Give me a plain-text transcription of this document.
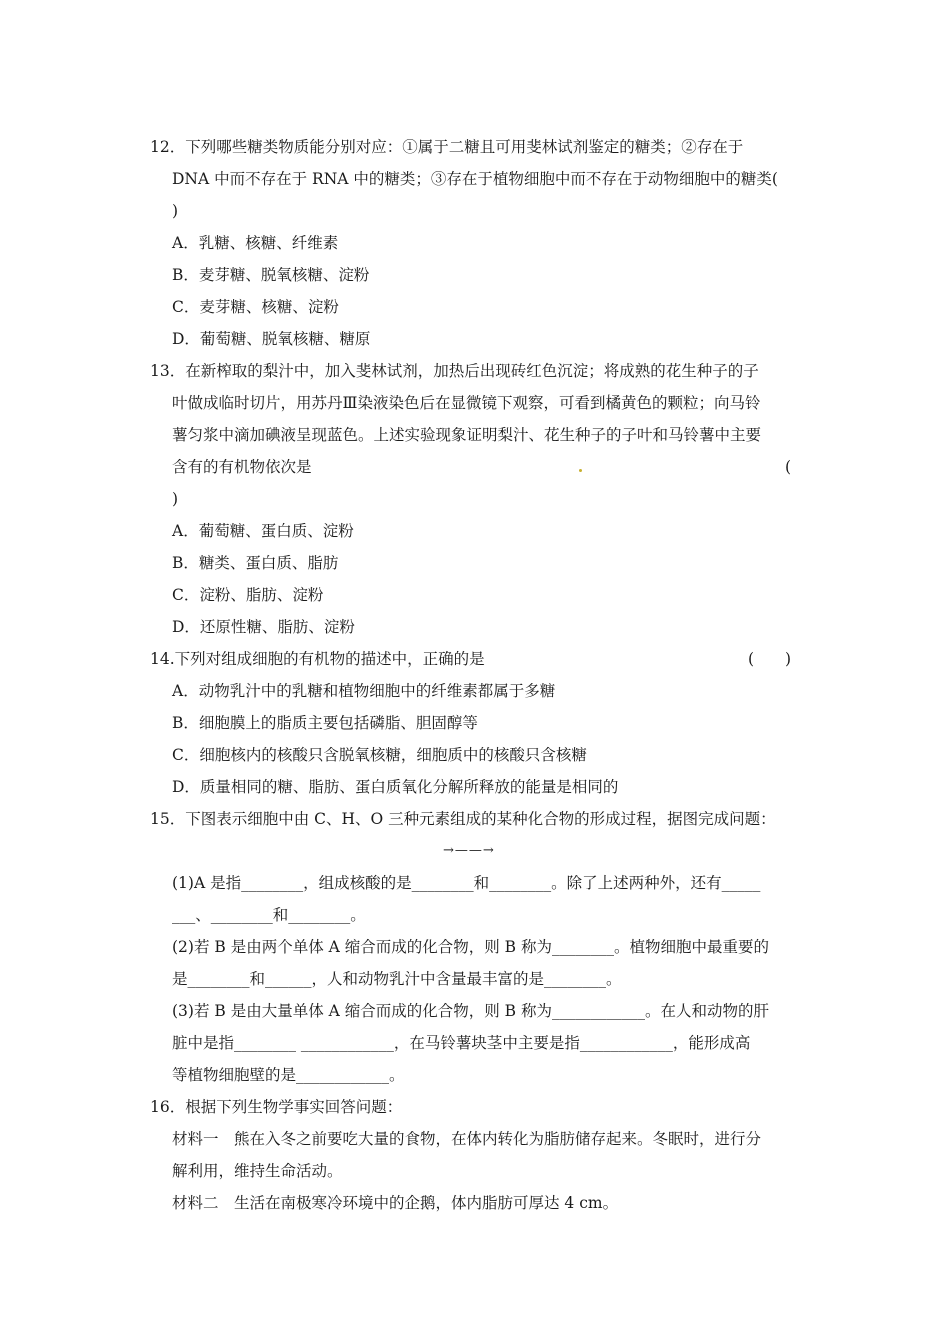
12．下列哪些糖类物质能分别对应：①属于二糖且可用斐林试剂鉴定的糖类；②存在于
DNA 中而不存在于 RNA 中的糖类；③存在于植物细胞中而不存在于动物细胞中的糖类(
)
A．乳糖、核糖、纤维素
B．麦芽糖、脱氧核糖、淀粉
C．麦芽糖、核糖、淀粉
D．葡萄糖、脱氧核糖、糖原
13．在新榨取的梨汁中，加入斐林试剂，加热后出现砖红色沉淀；将成熟的花生种子的子
叶做成临时切片，用苏丹Ⅲ染液染色后在显微镜下观察，可看到橘黄色的颗粒；向马铃
薯匀浆中滴加碘液呈现蓝色。上述实验现象证明梨汁、花生种子的子叶和马铃薯中主要
含有的有机物依次是	(
)
A．葡萄糖、蛋白质、淀粉
B．糖类、蛋白质、脂肪
C．淀粉、脂肪、淀粉
D．还原性糖、脂肪、淀粉
14.下列对组成细胞的有机物的描述中，正确的是	(　　)
A．动物乳汁中的乳糖和植物细胞中的纤维素都属于多糖
B．细胞膜上的脂质主要包括磷脂、胆固醇等
C．细胞核内的核酸只含脱氧核糖，细胞质中的核酸只含核糖
D．质量相同的糖、脂肪、蛋白质氧化分解所释放的能量是相同的
15．下图表示细胞中由 C、H、O 三种元素组成的某种化合物的形成过程，据图完成问题：
→——→
(1)A 是指________，组成核酸的是________和________。除了上述两种外，还有_____
___、________和________。
(2)若 B 是由两个单体 A 缩合而成的化合物，则 B 称为________。植物细胞中最重要的
是________和______，人和动物乳汁中含量最丰富的是________。
(3)若 B 是由大量单体 A 缩合而成的化合物，则 B 称为____________。在人和动物的肝
脏中是指________ ____________，在马铃薯块茎中主要是指____________，能形成高
等植物细胞壁的是____________。
16．根据下列生物学事实回答问题：
材料一　熊在入冬之前要吃大量的食物，在体内转化为脂肪储存起来。冬眠时，进行分
解利用，维持生命活动。
材料二　生活在南极寒冷环境中的企鹅，体内脂肪可厚达 4 cm。
